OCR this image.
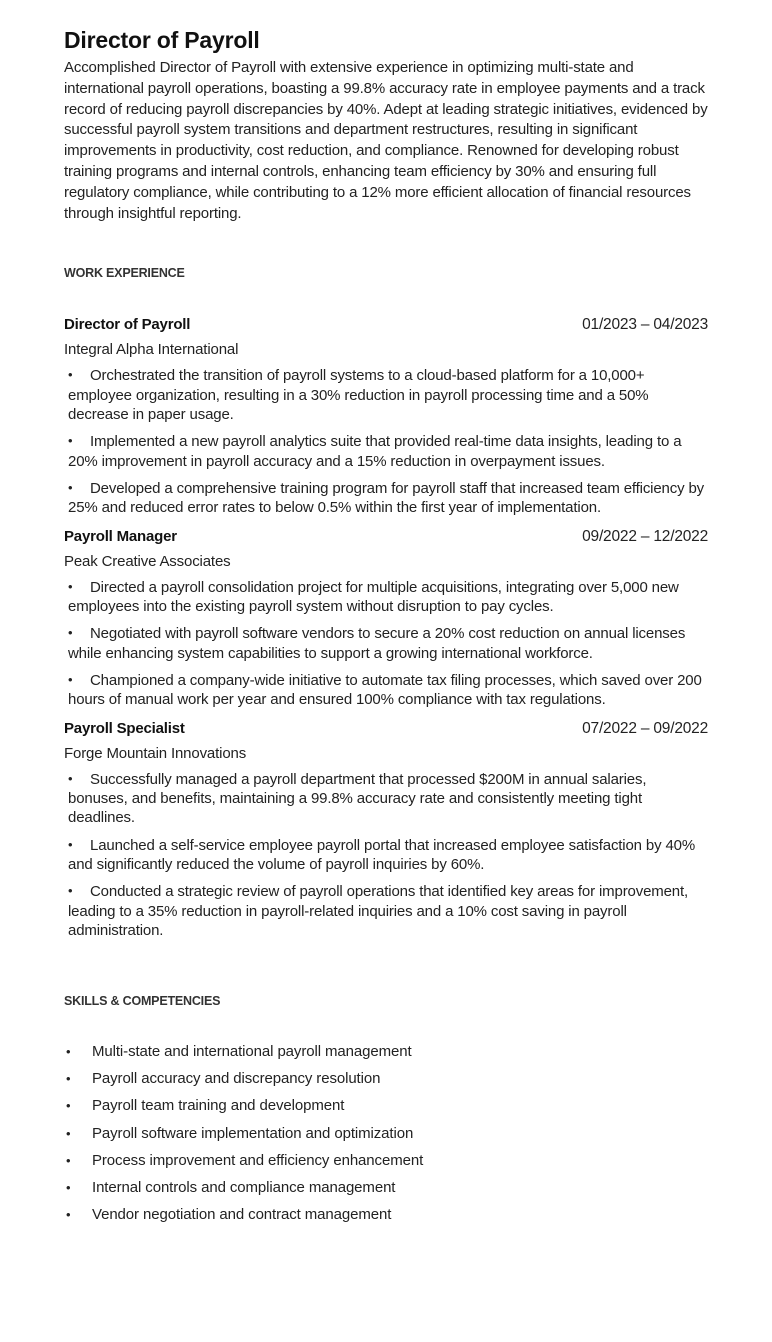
Director of Payroll

Accomplished Director of Payroll with extensive experience in optimizing multi-state and international payroll operations, boasting a 99.8% accuracy rate in employee payments and a track record of reducing payroll discrepancies by 40%. Adept at leading strategic initiatives, evidenced by successful payroll system transitions and department restructures, resulting in significant improvements in productivity, cost reduction, and compliance. Renowned for developing robust training programs and internal controls, enhancing team efficiency by 30% and ensuring full regulatory compliance, while contributing to a 12% more efficient allocation of financial resources through insightful reporting.

WORK EXPERIENCE
Director of Payroll	01/2023 – 04/2023
Integral Alpha International
• Orchestrated the transition of payroll systems to a cloud-based platform for a 10,000+ employee organization, resulting in a 30% reduction in payroll processing time and a 50% decrease in paper usage.
• Implemented a new payroll analytics suite that provided real-time data insights, leading to a 20% improvement in payroll accuracy and a 15% reduction in overpayment issues.
• Developed a comprehensive training program for payroll staff that increased team efficiency by 25% and reduced error rates to below 0.5% within the first year of implementation.
Payroll Manager	09/2022 – 12/2022
Peak Creative Associates
• Directed a payroll consolidation project for multiple acquisitions, integrating over 5,000 new employees into the existing payroll system without disruption to pay cycles.
• Negotiated with payroll software vendors to secure a 20% cost reduction on annual licenses while enhancing system capabilities to support a growing international workforce.
• Championed a company-wide initiative to automate tax filing processes, which saved over 200 hours of manual work per year and ensured 100% compliance with tax regulations.
Payroll Specialist	07/2022 – 09/2022
Forge Mountain Innovations
• Successfully managed a payroll department that processed $200M in annual salaries, bonuses, and benefits, maintaining a 99.8% accuracy rate and consistently meeting tight deadlines.
• Launched a self-service employee payroll portal that increased employee satisfaction by 40% and significantly reduced the volume of payroll inquiries by 60%.
• Conducted a strategic review of payroll operations that identified key areas for improvement, leading to a 35% reduction in payroll-related inquiries and a 10% cost saving in payroll administration.
SKILLS & COMPETENCIES
•	Multi-state and international payroll management
•	Payroll accuracy and discrepancy resolution
•	Payroll team training and development
•	Payroll software implementation and optimization
•	Process improvement and efficiency enhancement
•	Internal controls and compliance management
•	Vendor negotiation and contract management
